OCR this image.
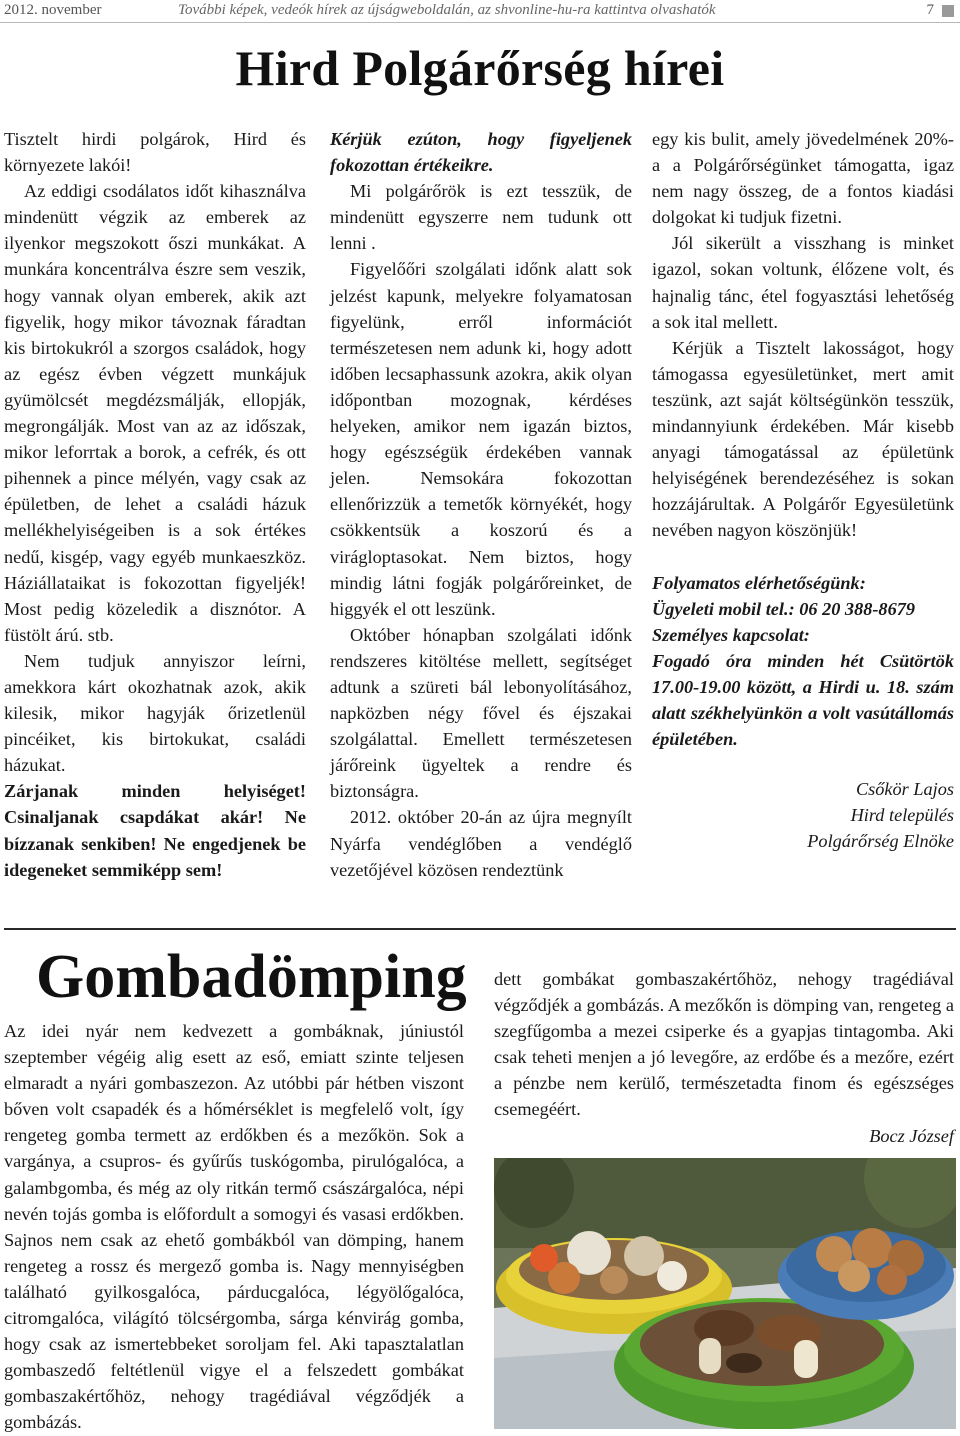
2012. november	További képek, vedeók hírek az újságweboldalán, az shvonline-hu-ra kattintva olvashatók	7
Hird Polgárőrség hírei

Tisztelt hirdi polgárok, Hird és környezete lakói!

Az eddigi csodálatos időt kihasználva mindenütt végzik az emberek az ilyenkor megszokott őszi munkákat. A munkára koncentrálva észre sem veszik, hogy vannak olyan emberek, akik azt figyelik, hogy mikor távoznak fáradtan kis birtokukról a szorgos családok, hogy az egész évben végzett munkájuk gyümölcsét megdézsmálják, ellopják, megrongálják. Most van az az időszak, mikor leforrtak a borok, a cefrék, és ott pihennek a pince mélyén, vagy csak az épületben, de lehet a családi házuk mellékhelyiségeiben is a sok értékes nedű, kisgép, vagy egyéb munkaeszköz. Háziállataikat is fokozottan figyeljék! Most pedig közeledik a disznótor. A füstölt árú. stb.

Nem tudjuk annyiszor leírni, amekkora kárt okozhatnak azok, akik kilesik, mikor hagyják őrizetlenül pincéiket, kis birtokukat, családi házukat.

Zárjanak minden helyiséget! Csinaljanak csapdákat akár! Ne bízzanak senkiben! Ne engedjenek be idegeneket semmiképp sem!

Kérjük ezúton, hogy figyeljenek fokozottan értékeikre.

Mi polgárőrök is ezt tesszük, de mindenütt egyszerre nem tudunk ott lenni .

Figyelőőri szolgálati időnk alatt sok jelzést kapunk, melyekre folyamatosan figyelünk, erről információt természetesen nem adunk ki, hogy adott időben lecsaphassunk azokra, akik olyan időpontban mozognak, kérdéses helyeken, amikor nem igazán biztos, hogy egészségük érdekében vannak jelen. Nemsokára fokozottan ellenőrizzük a temetők környékét, hogy csökkentsük a koszorú és a virágloptasokat. Nem biztos, hogy mindig látni fogják polgárőreinket, de higgyék el ott leszünk.

Október hónapban szolgálati időnk rendszeres kitöltése mellett, segítséget adtunk a szüreti bál lebonyolításához, napközben négy fővel és éjszakai szolgálattal. Emellett természetesen járőreink ügyeltek a rendre és biztonságra.

2012. október 20-án az újra megnyílt Nyárfa vendéglőben a vendéglő vezetőjével közösen rendeztünk

egy kis bulit, amely jövedelmének 20%-a a Polgárőrségünket támogatta, igaz nem nagy összeg, de a fontos kiadási dolgokat ki tudjuk fizetni.

Jól sikerült a visszhang is minket igazol, sokan voltunk, élőzene volt, és hajnalig tánc, étel fogyasztási lehetőség a sok ital mellett.

Kérjük a Tisztelt lakosságot, hogy támogassa egyesületünket, mert amit teszünk, azt saját költségünkön tesszük, mindannyiunk érdekében. Már kisebb anyagi támogatással az épületünk helyiségének berendezéséhez is sokan hozzájárultak. A Polgárőr Egyesületünk nevében nagyon köszönjük!

Folyamatos elérhetőségünk:

Ügyeleti mobil tel.: 06 20 388-8679

Személyes kapcsolat:

Fogadó óra minden hét Csütörtök 17.00-19.00 között, a Hirdi u. 18. szám alatt székhelyünkön a volt vasútállomás épületében.

Csőkör Lajos

Hird település

Polgárőrség Elnöke

Gombadömping

Az idei nyár nem kedvezett a gombáknak, júniustól szeptember végéig alig esett az eső, emiatt szinte teljesen elmaradt a nyári gombaszezon. Az utóbbi pár hétben viszont bőven volt csapadék és a hőmérséklet is megfelelő volt, így rengeteg gomba termett az erdőkben és a mezőkön. Sok a vargánya, a csupros- és gyűrűs tuskógomba, pirulógalóca, a galambgomba, és még az oly ritkán termő császárgalóca, népi nevén tojás gomba is előfordult a somogyi és vasasi erdőkben. Sajnos nem csak az ehető gombákból van dömping, hanem rengeteg a rossz és mergező gomba is. Nagy mennyiségben található gyilkosgalóca, párducgalóca, légyölőgalóca, citromgalóca, világító tölcsérgomba, sárga kénvirág gomba, hogy csak az ismertebbeket soroljam fel. Aki tapasztalatlan gombaszedő feltétlenül vigye el a felszedett gombákat gombaszakértőhöz, nehogy tragédiával végződjék a gombázás.

dett gombákat gombaszakértőhöz, nehogy tragédiával végződjék a gombázás. A mezőkőn is dömping van, rengeteg a szegfűgomba a mezei csiperke és a gyapjas tintagomba. Aki csak teheti menjen a jó levegőre, az erdőbe és a mezőre, ezért a pénzbe nem kerülő, természetadta finom és egészséges csemegéért.

Bocz József
